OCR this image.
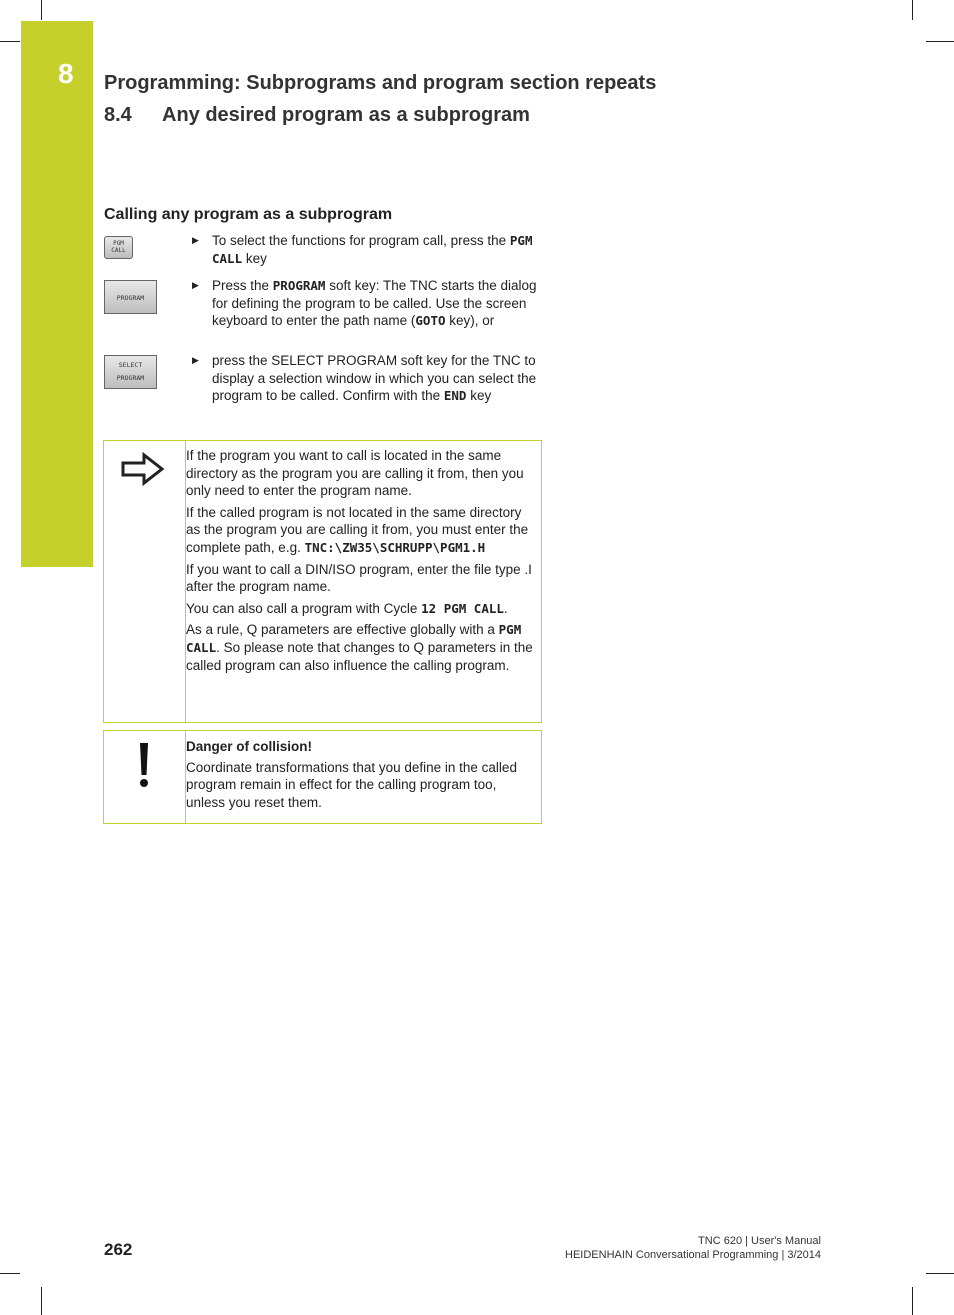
8	Programming: Subprograms and program section repeats
8.4 Any desired program as a subprogram
Calling any program as a subprogram
PGM
CALL
PROGRAM
SELECT
PROGRAM
▶ To select the functions for program call, press the PGM CALL key
▶ Press the PROGRAM soft key: The TNC starts the dialog for defining the program to be called. Use the screen keyboard to enter the path name (GOTO key), or
▶ press the SELECT PROGRAM soft key for the TNC to display a selection window in which you can select the program to be called. Confirm with the END key
If the program you want to call is located in the same directory as the program you are calling it from, then you only need to enter the program name.
If the called program is not located in the same directory as the program you are calling it from, you must enter the complete path, e.g. TNC:\ZW35\SCHRUPP\PGM1.H
If you want to call a DIN/ISO program, enter the file type .I after the program name.
You can also call a program with Cycle 12 PGM CALL.
As a rule, Q parameters are effective globally with a PGM CALL. So please note that changes to Q parameters in the called program can also influence the calling program.
Danger of collision!
Coordinate transformations that you define in the called program remain in effect for the calling program too, unless you reset them.
262	TNC 620 | User's Manual
HEIDENHAIN Conversational Programming | 3/2014
